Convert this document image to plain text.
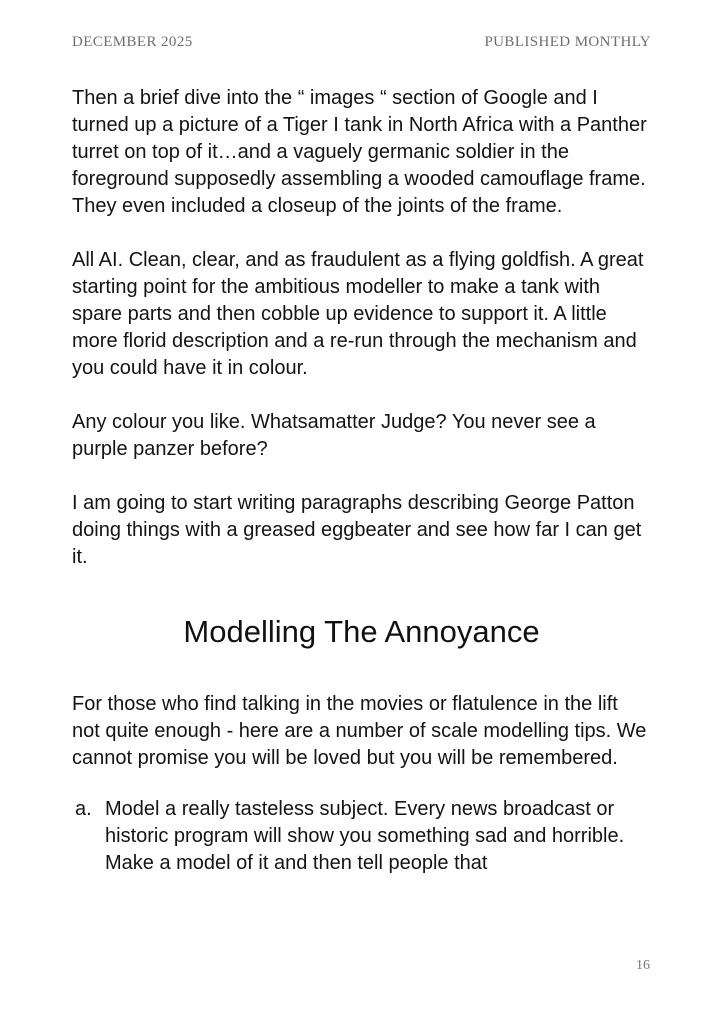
DECEMBER 2025	PUBLISHED MONTHLY

Then a brief dive into the “ images “ section of Google and I turned up a picture of a Tiger I tank in North Africa with a Panther turret on top of it…and a vaguely germanic soldier in the foreground supposedly assembling a wooded camouflage frame. They even included a closeup of the joints of the frame.

All AI. Clean, clear, and as fraudulent as a flying goldfish. A great starting point for the ambitious modeller to make a tank with spare parts and then cobble up evidence to support it. A little more florid description and a re-run through the mechanism and you could have it in colour.

Any colour you like. Whatsamatter Judge? You never see a purple panzer before?

I am going to start writing paragraphs describing George Patton doing things with a greased eggbeater and see how far I can get it.

Modelling The Annoyance

For those who find talking in the movies or flatulence in the lift not quite enough - here are a number of scale modelling tips. We cannot promise you will be loved but you will be remembered.

a. Model a really tasteless subject. Every news broadcast or historic program will show you something sad and horrible. Make a model of it and then tell people that
16
